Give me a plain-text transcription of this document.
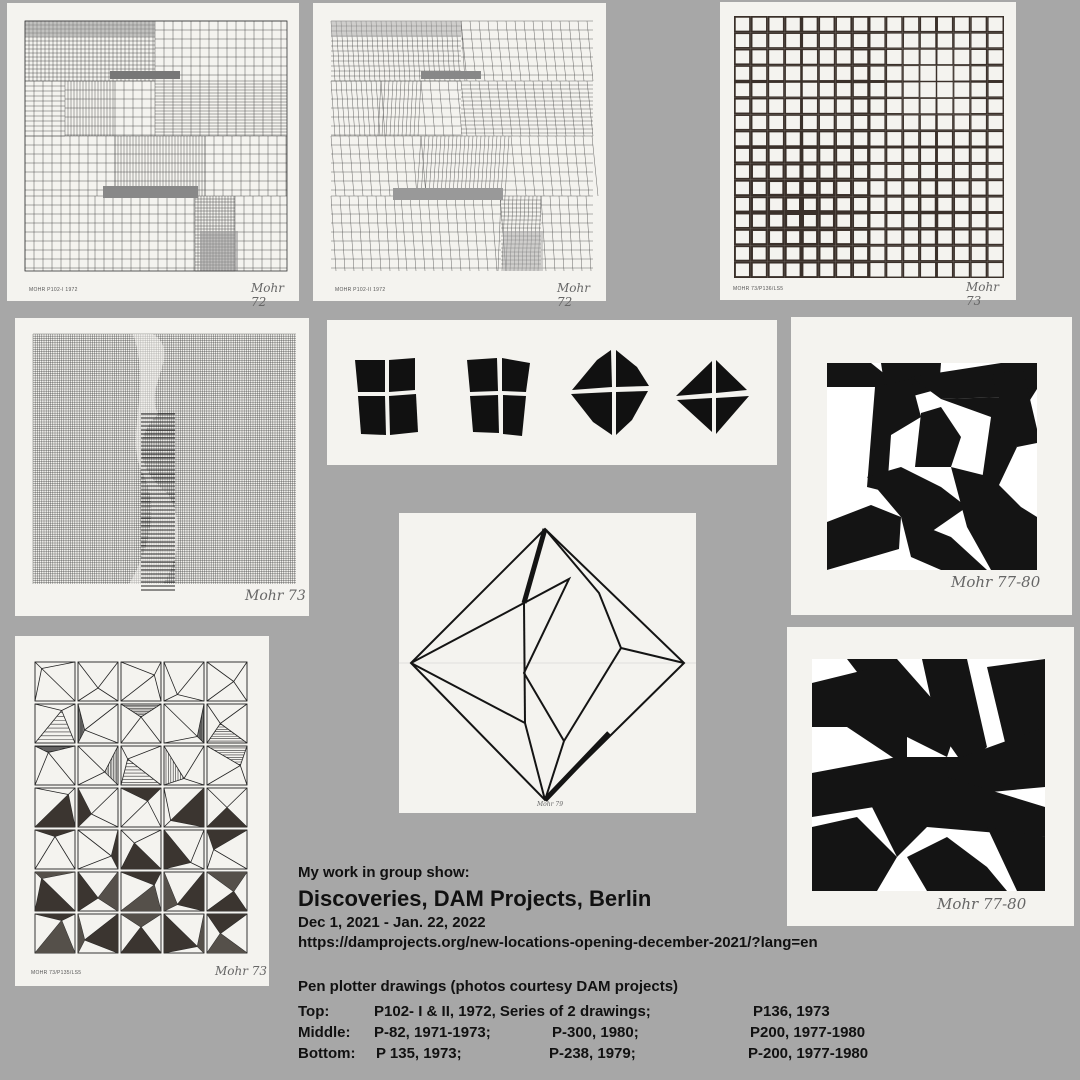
MOHR P102-I 1972	Mohr 72
MOHR P102-II 1972	Mohr 72
MOHR 73/P136/LS5	Mohr 73
Mohr 73
Mohr 77-80
MOHR 73/P135/LS5	Mohr 73
Mohr 79
Mohr 77-80
My work in group show:
Discoveries, DAM Projects, Berlin
Dec 1, 2021 - Jan. 22, 2022
https://damprojects.org/new-locations-opening-december-2021/?lang=en
Pen plotter drawings (photos courtesy DAM projects)
Top:	P102- I & II, 1972, Series of 2 drawings;	P136, 1973
Middle: P-82, 1971-1973;	P-300, 1980;	P200, 1977-1980
Bottom: P 135, 1973;	P-238, 1979;	P-200, 1977-1980
